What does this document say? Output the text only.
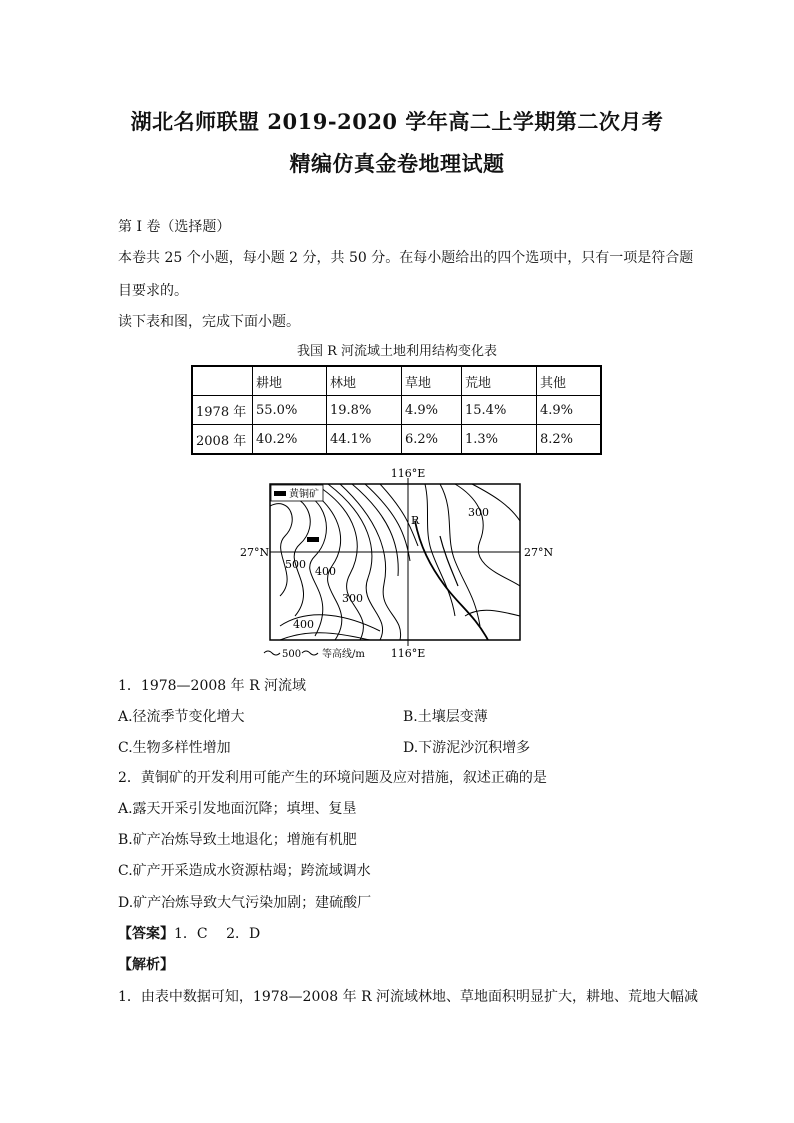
湖北名师联盟 2019-2020 学年高二上学期第二次月考
精编仿真金卷地理试题
第 I 卷（选择题）
本卷共 25 个小题，每小题 2 分，共 50 分。在每小题给出的四个选项中，只有一项是符合题
目要求的。
读下表和图，完成下面小题。
我国 R 河流域土地利用结构变化表
	耕地	林地	草地	荒地	其他
1978 年	55.0%	19.8%	4.9%	15.4%	4.9%
2008 年	40.2%	44.1%	6.2%	1.3%	8.2%
黄铜矿
116°E
116°E
27°N	27°N
R
500
400
300
400
300
500 等高线/m
1．1978—2008 年 R 河流域
A.径流季节变化增大	B.土壤层变薄
C.生物多样性增加	D.下游泥沙沉积增多
2．黄铜矿的开发利用可能产生的环境问题及应对措施，叙述正确的是
A.露天开采引发地面沉降；填埋、复垦
B.矿产冶炼导致土地退化；增施有机肥
C.矿产开采造成水资源枯竭；跨流域调水
D.矿产冶炼导致大气污染加剧；建硫酸厂
【答案】1．C　 2．D
【解析】
1．由表中数据可知，1978—2008 年 R 河流域林地、草地面积明显扩大，耕地、荒地大幅减
